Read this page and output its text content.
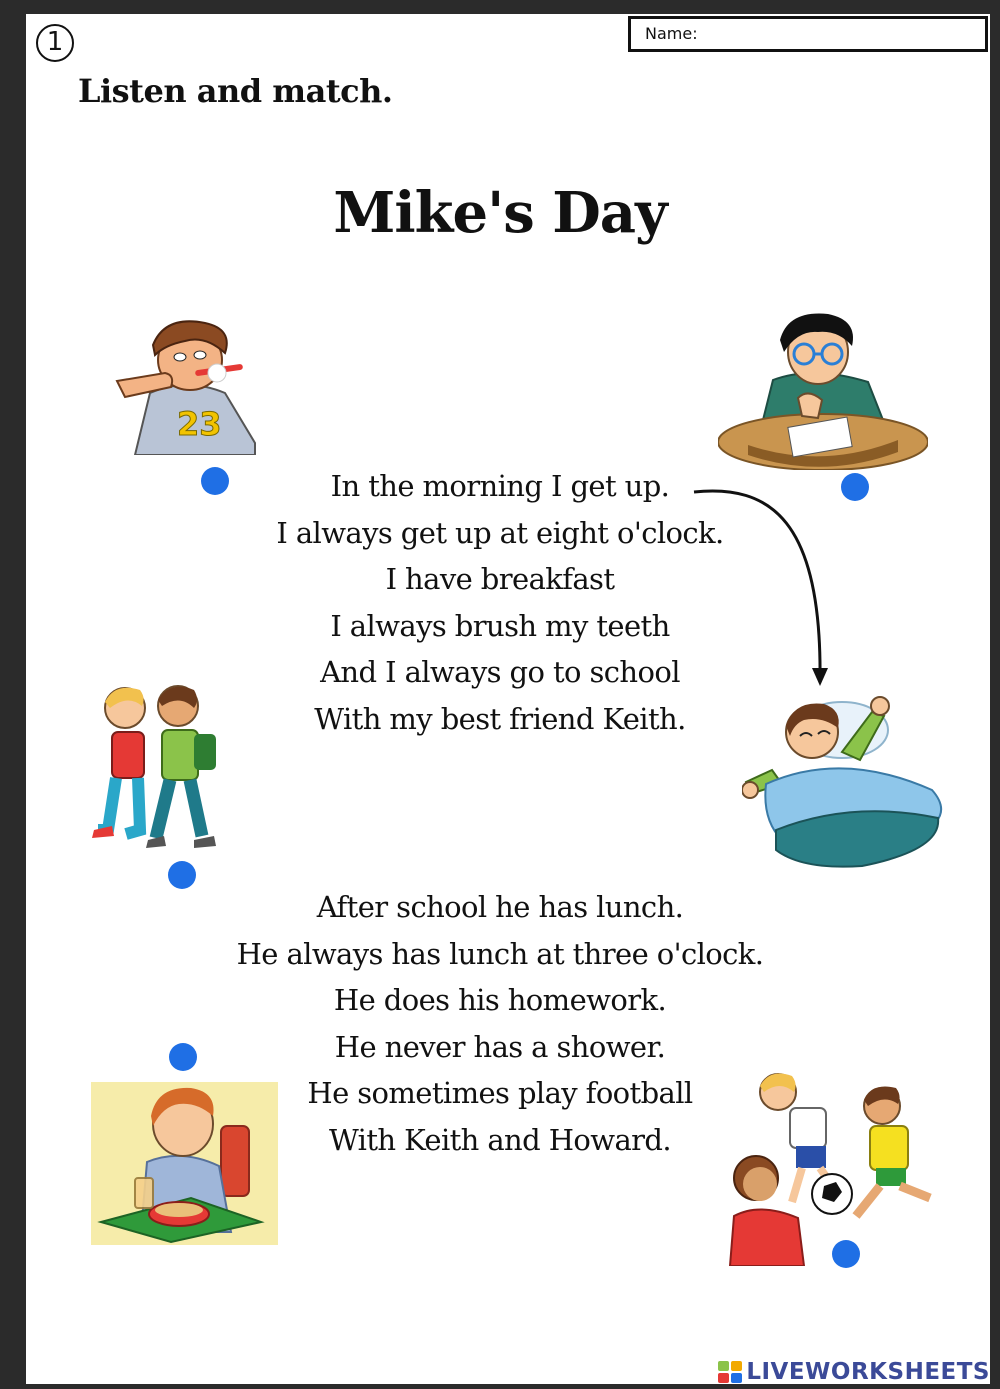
1	Name:
Listen and match.
Mike's Day
In the morning I get up.
I always get up at eight o'clock.
I have breakfast
I always brush my teeth
And I always go to school
With my best friend Keith.
After school he has lunch.
He always has lunch at three o'clock.
He does his homework.
He never has a shower.
He sometimes play football
With Keith and Howard.
23
LIVEWORKSHEETS
